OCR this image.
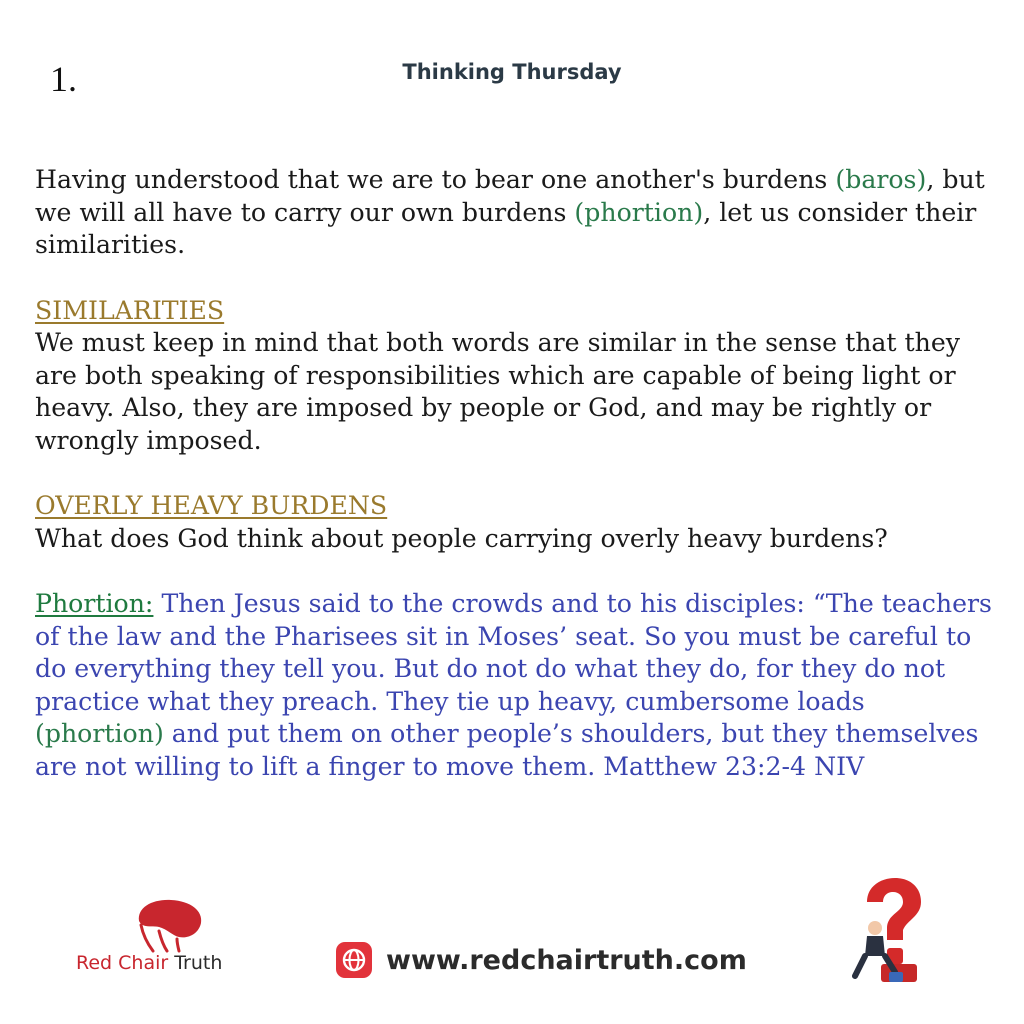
1.	Thinking Thursday

Having understood that we are to bear one another's burdens (baros), but we will all have to carry our own burdens (phortion), let us consider their similarities.

SIMILARITIES

We must keep in mind that both words are similar in the sense that they are both speaking of responsibilities which are capable of being light or heavy. Also, they are imposed by people or God, and may be rightly or wrongly imposed.

OVERLY HEAVY BURDENS

What does God think about people carrying overly heavy burdens?

Phortion: Then Jesus said to the crowds and to his disciples: “The teachers of the law and the Pharisees sit in Moses’ seat. So you must be careful to do everything they tell you. But do not do what they do, for they do not practice what they preach. They tie up heavy, cumbersome loads (phortion) and put them on other people’s shoulders, but they themselves are not willing to lift a finger to move them. Matthew 23:2-4 NIV

Red Chair Truth	www.redchairtruth.com
